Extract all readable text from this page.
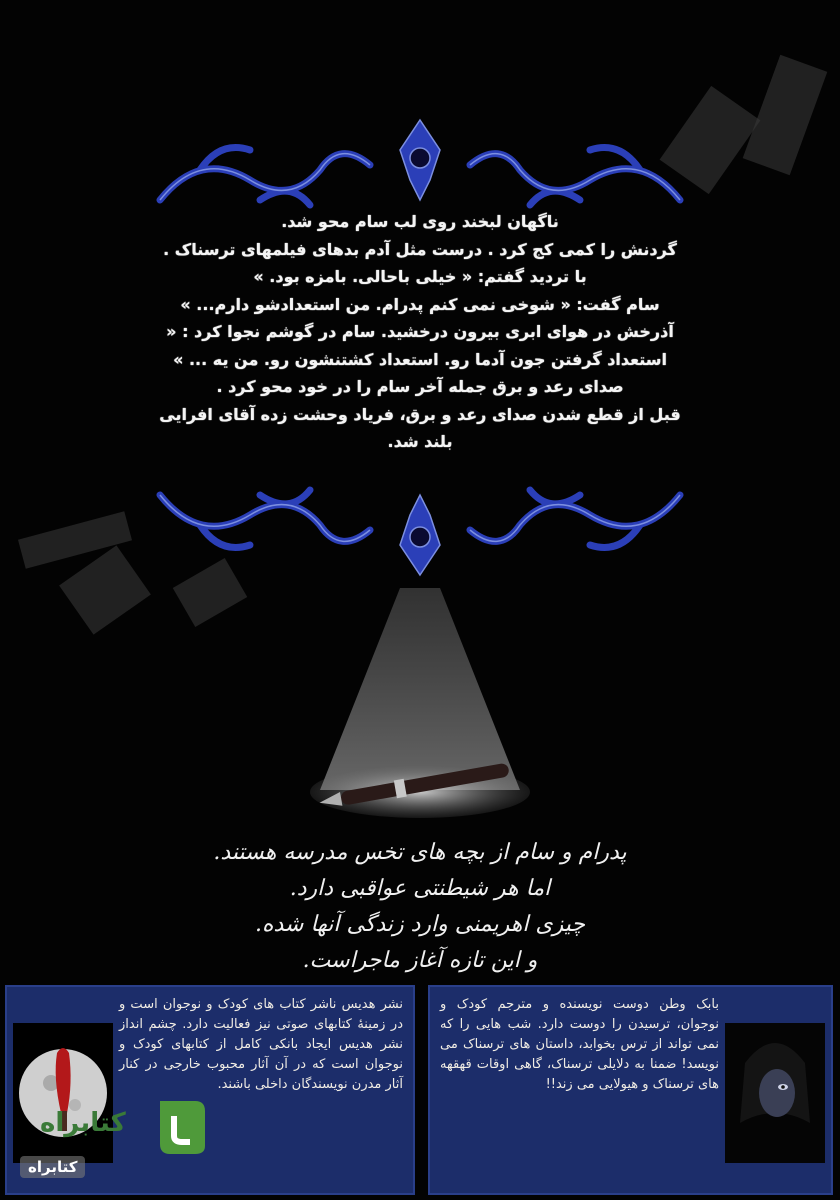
ناگهان لبخند روی لب سام محو شد.

گردنش را کمی کج کرد . درست مثل آدم بدهای فیلمهای ترسناک .

با تردید گفتم: « خیلی باحالی. بامزه بود. »

سام گفت: « شوخی نمی کنم پدرام. من استعدادشو دارم... »

آذرخش در هوای ابری بیرون درخشید. سام در گوشم نجوا کرد : «

استعداد گرفتن جون آدما رو. استعداد کشتنشون رو. من یه ... »

صدای رعد و برق جمله آخر سام را در خود محو کرد .

قبل از قطع شدن صدای رعد و برق، فریاد وحشت زده آقای افرایی

بلند شد.

پدرام و سام از بچه های تخس مدرسه هستند.

اما هر شیطنتی عواقبی دارد.

چیزی اهریمنی وارد زندگی آنها شده.

و این تازه آغاز ماجراست.

نشر هدیس ناشر کتاب های کودک و نوجوان است و در زمینهٔ کتابهای صوتی نیز فعالیت دارد. چشم انداز نشر هدیس ایجاد بانکی کامل از کتابهای کودک و نوجوان است که در آن آثار محبوب خارجی در کنار آثار مدرن نویسندگان داخلی باشند.
بابک وطن دوست نویسنده و مترجم کودک و نوجوان، ترسیدن را دوست دارد. شب هایی را که نمی تواند از ترس بخوابد، داستان های ترسناک می نویسد! ضمنا به دلایلی ترسناک، گاهی اوقات قهقهه های ترسناک و هیولایی می زند!!
کتابراه
کتابراه
